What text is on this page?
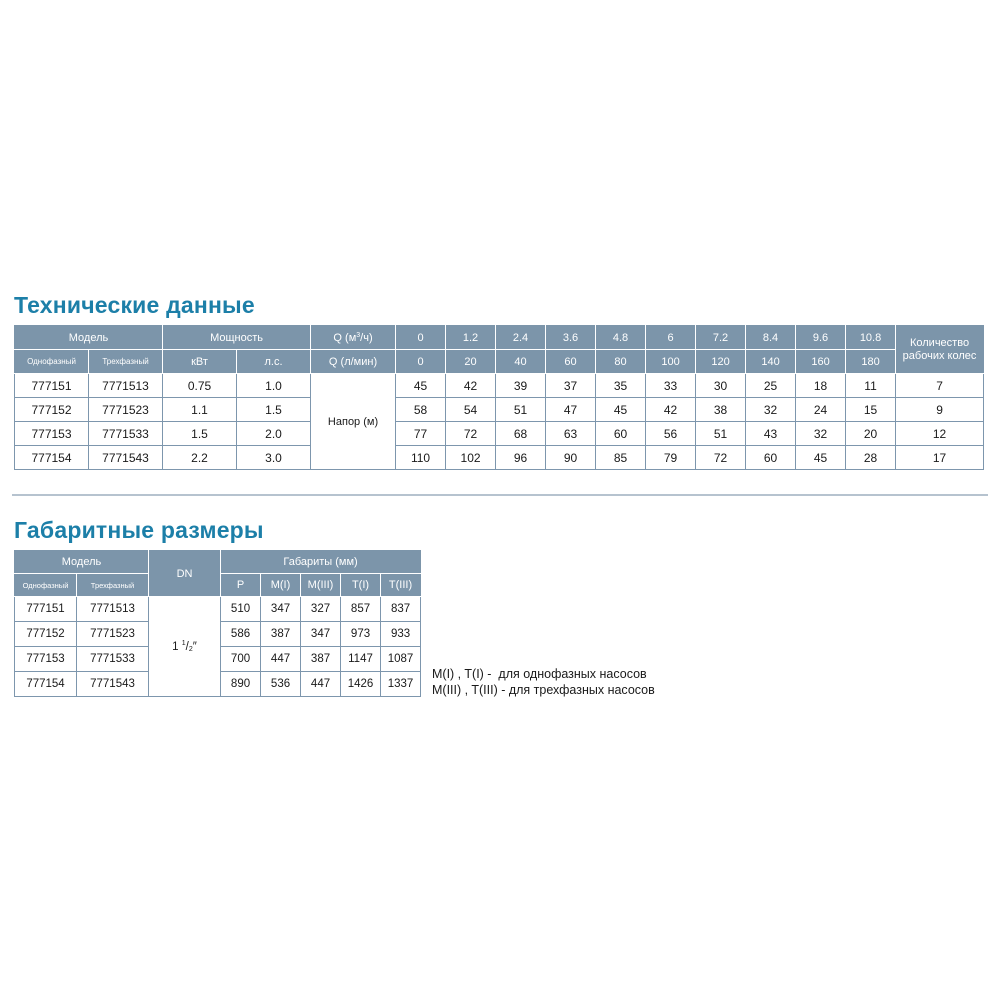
Технические данные
Модель		Мощность		Q $(м^3/ч)$	0	1.2	2.4	3.6	4.8	6	7.2	8.4	9.6	10.8	Количество
рабочих колес
Однофазный	Трехфазный	кВт	л.с.	Q (л/мин)	0	20	40	60	80	100	120	140	160	180	
777151	7771513	0.75	1.0	Напор (м)	45	42	39	37	35	33	30	25	18	11	7
777152	7771523	1.1	1.5		58	54	51	47	45	42	38	32	24	15	9
777153	7771533	1.5	2.0		77	72	68	63	60	56	51	43	32	20	12
777154	7771543	2.2	3.0		110	102	96	90	85	79	72	60	45	28	17
Габаритные размеры
Модель		DN	Габариты (мм)				
Однофазный	Трехфазный		P	M(I)	M(III)	T(I)	T(III)
777151	7771513	1 $^1/_2''$	510	347	327	857	837
777152	7771523		586	387	347	973	933
777153	7771533		700	447	387	1147	1087
777154	7771543		890	536	447	1426	1337
M(I) , T(I) -  для однофазных насосов
M(III) , T(III) - для трехфазных насосов
